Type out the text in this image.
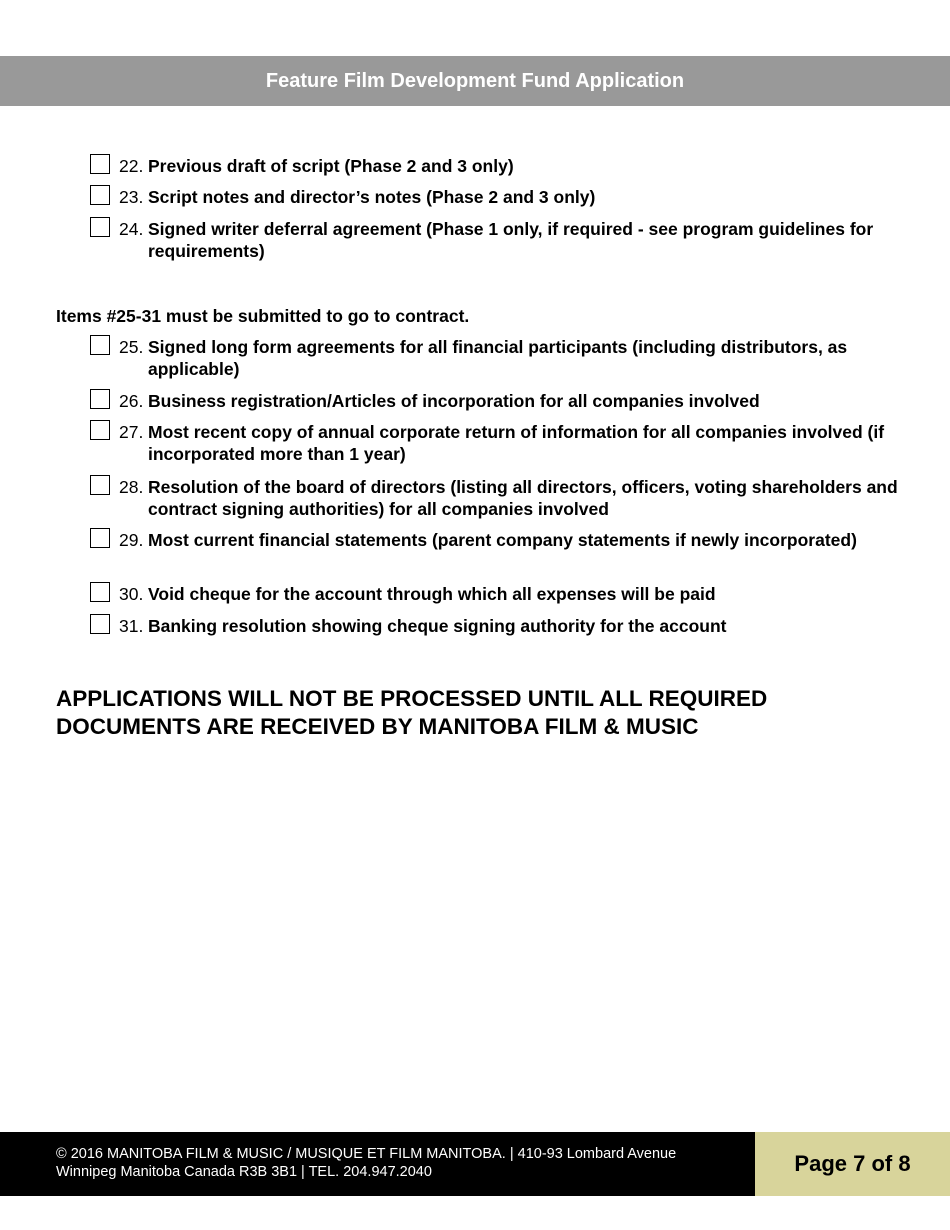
Feature Film Development Fund Application
22. Previous draft of script (Phase 2 and 3 only)
23. Script notes and director’s notes (Phase 2 and 3 only)
24. Signed writer deferral agreement (Phase 1 only, if required - see program guidelines for requirements)
Items #25-31 must be submitted to go to contract.
25. Signed long form agreements for all financial participants (including distributors, as applicable)
26. Business registration/Articles of incorporation for all companies involved
27. Most recent copy of annual corporate return of information for all companies involved (if incorporated more than 1 year)
28. Resolution of the board of directors (listing all directors, officers, voting shareholders and contract signing authorities) for all companies involved
29. Most current financial statements (parent company statements if newly incorporated)
30. Void cheque for the account through which all expenses will be paid
31. Banking resolution showing cheque signing authority for the account
APPLICATIONS WILL NOT BE PROCESSED UNTIL ALL REQUIRED
DOCUMENTS ARE RECEIVED BY MANITOBA FILM & MUSIC
© 2016 MANITOBA FILM & MUSIC / MUSIQUE ET FILM MANITOBA. | 410-93 Lombard Avenue
Winnipeg Manitoba Canada R3B 3B1 | TEL. 204.947.2040	Page 7 of 8
